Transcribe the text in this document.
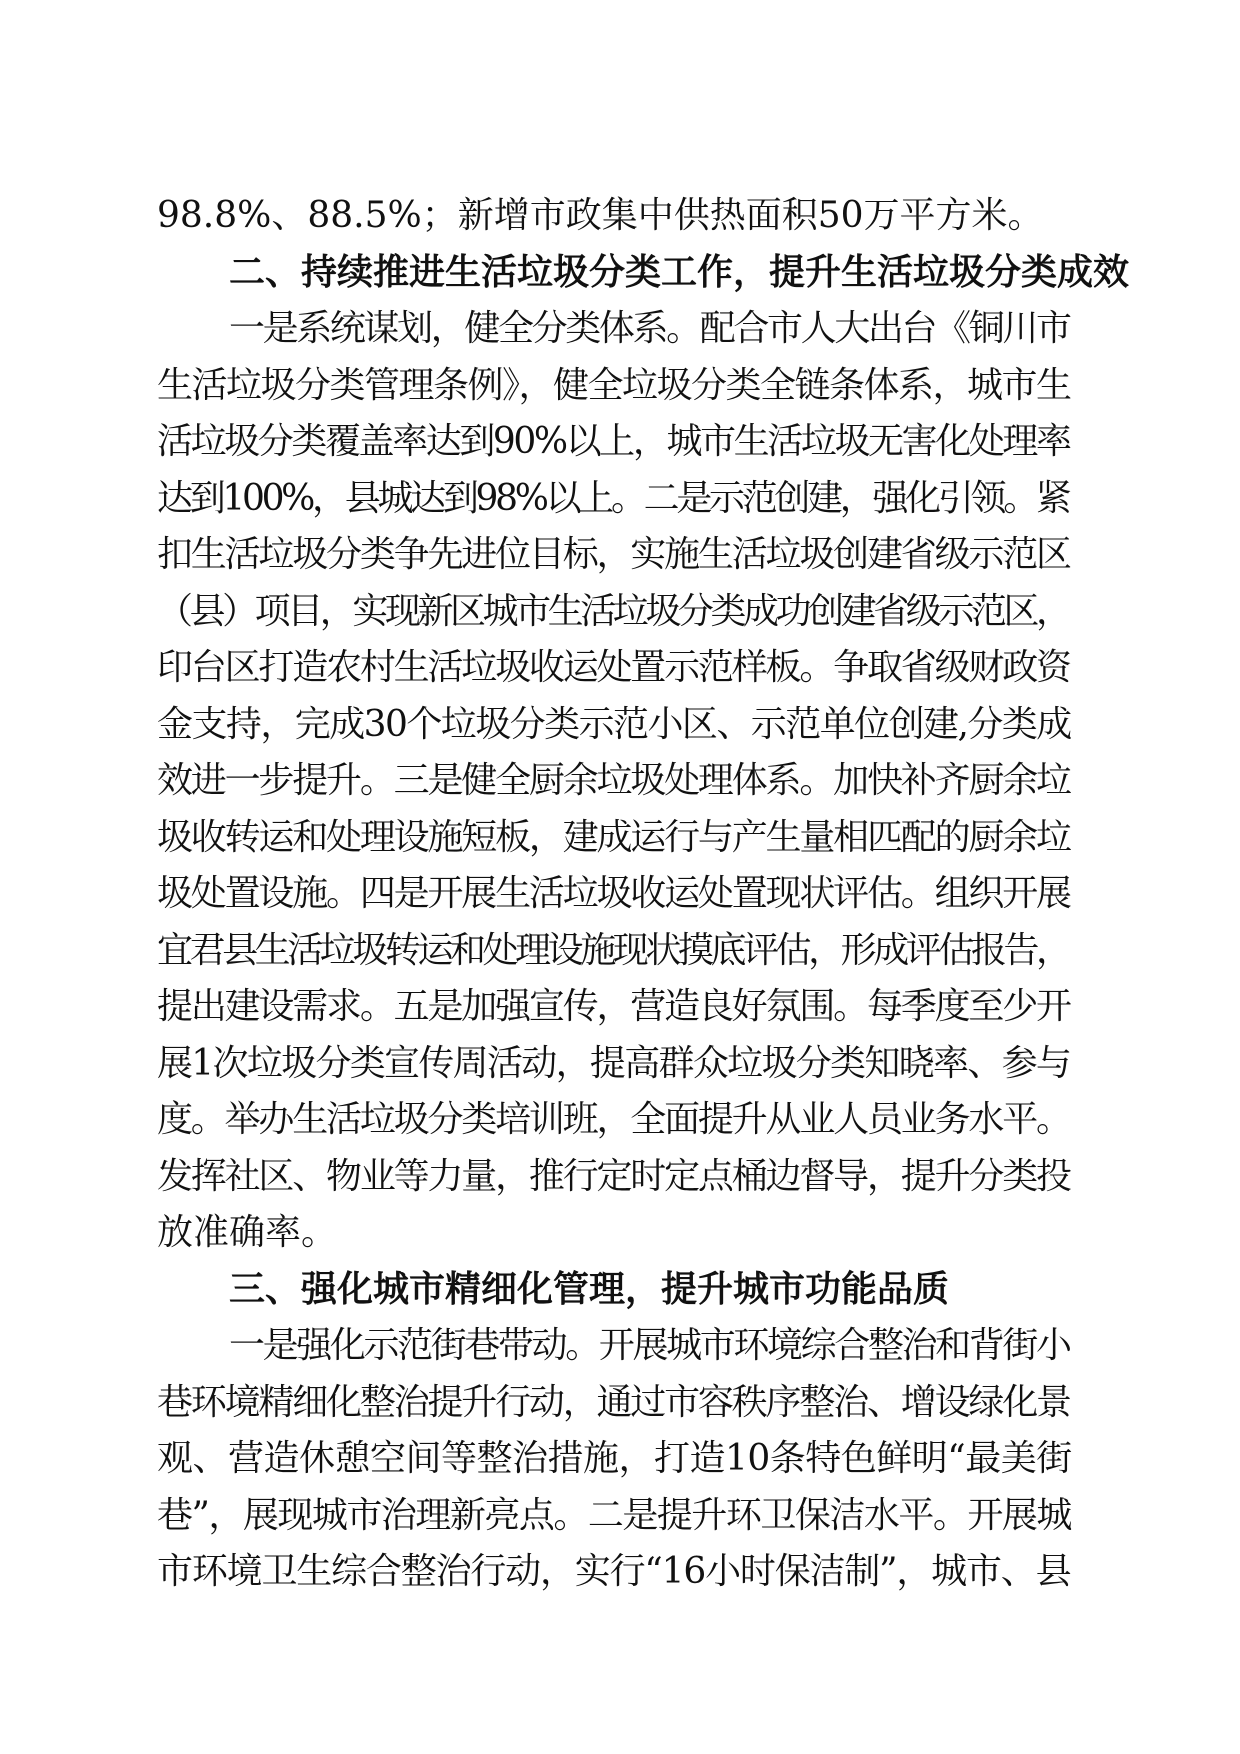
98.8%、88.5%；新增市政集中供热面积50万平方米。
二、持续推进生活垃圾分类工作，提升生活垃圾分类成效
一是系统谋划，健全分类体系。配合市人大出台《铜川市
生活垃圾分类管理条例》，健全垃圾分类全链条体系，城市生
活垃圾分类覆盖率达到90%以上，城市生活垃圾无害化处理率
达到100%，县城达到98%以上。二是示范创建，强化引领。紧
扣生活垃圾分类争先进位目标，实施生活垃圾创建省级示范区
（县）项目，实现新区城市生活垃圾分类成功创建省级示范区，
印台区打造农村生活垃圾收运处置示范样板。争取省级财政资
金支持，完成30个垃圾分类示范小区、示范单位创建,分类成
效进一步提升。三是健全厨余垃圾处理体系。加快补齐厨余垃
圾收转运和处理设施短板，建成运行与产生量相匹配的厨余垃
圾处置设施。四是开展生活垃圾收运处置现状评估。组织开展
宜君县生活垃圾转运和处理设施现状摸底评估，形成评估报告，
提出建设需求。五是加强宣传，营造良好氛围。每季度至少开
展1次垃圾分类宣传周活动，提高群众垃圾分类知晓率、参与
度。举办生活垃圾分类培训班，全面提升从业人员业务水平。
发挥社区、物业等力量，推行定时定点桶边督导，提升分类投
放准确率。
三、强化城市精细化管理，提升城市功能品质
一是强化示范街巷带动。开展城市环境综合整治和背街小
巷环境精细化整治提升行动，通过市容秩序整治、增设绿化景
观、营造休憩空间等整治措施，打造10条特色鲜明“最美街
巷”，展现城市治理新亮点。二是提升环卫保洁水平。开展城
市环境卫生综合整治行动，实行“16小时保洁制”，城市、县
